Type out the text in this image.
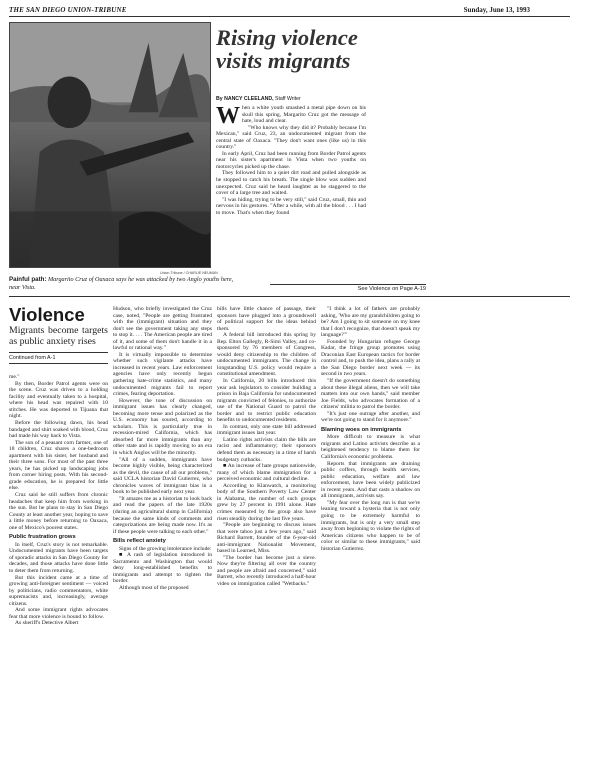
THE SAN DIEGO UNION-TRIBUNE	Sunday, June 13, 1993
Union-Tribune / CHARLIE NEUMAN
Painful path: Margarito Cruz of Oaxaca says he was attacked by two Anglo youths here, near Vista.
Rising violence visits migrants
By NANCY CLEELAND, Staff Writer

When a white youth smashed a metal pipe down on his skull this spring, Margarito Cruz got the message of hate, loud and clear.

"Who knows why they did it? Probably because I'm Mexican," said Cruz, 23, an undocumented migrant from the central state of Oaxaca. "They don't want ones (like us) in this country."

In early April, Cruz had been running from Border Patrol agents near his sister's apartment in Vista when two youths on motorcycles picked up the chase.

They followed him to a quiet dirt road and pulled alongside as he stopped to catch his breath. The single blow was sudden and unexpected. Cruz said he heard laughter as he staggered to the cover of a large tree and waited.

"I was hiding, trying to be very still," said Cruz, small, thin and nervous in his gestures. "After a while, with all the blood . . . I had to move. That's when they found

See Violence on Page A-19
Violence
Migrants become targets as public anxiety rises
Continued from A-1

me."

By then, Border Patrol agents were on the scene. Cruz was driven to a holding facility and eventually taken to a hospital, where his head was repaired with 10 stitches. He was deported to Tijuana that night.

Before the following dawn, his head bandaged and shirt soaked with blood, Cruz had made his way back to Vista.

The son of a peasant corn farmer, one of 18 children, Cruz shares a one-bedroom apartment with his sister, her husband and their three sons. For most of the past three years, he has picked up landscaping jobs from corner hiring posts. With his second-grade education, he is prepared for little else.

Cruz said he still suffers from chronic headaches that keep him from working in the sun. But he plans to stay in San Diego County at least another year, hoping to save a little money before returning to Oaxaca, one of Mexico's poorest states.

Public frustration grows

In itself, Cruz's story is not remarkable. Undocumented migrants have been targets of sporadic attacks in San Diego County for decades, and those attacks have done little to deter them from returning.

But this incident came at a time of growing anti-foreigner sentiment — voiced by politicians, radio commentators, white supremacists and, increasingly, average citizens.

And some immigrant rights advocates fear that more violence is bound to follow.

As sheriff's Detective Albert

Hudson, who briefly investigated the Cruz case, noted, "People are getting frustrated with the (immigrant) situation and they don't see the government taking any steps to stop it. . . . The American people are tired of it, and some of them don't handle it in a lawful or rational way."

It is virtually impossible to determine whether such vigilante attacks have increased in recent years. Law enforcement agencies have only recently begun gathering hate-crime statistics, and many undocumented migrants fail to report crimes, fearing deportation.

However, the tone of discussion on immigrant issues has clearly changed, becoming more tense and polarized as the U.S. economy has soured, according to scholars. This is particularly true in recession-mired California, which has absorbed far more immigrants than any other state and is rapidly moving to an era in which Anglos will be the minority.

"All of a sudden, immigrants have become highly visible, being characterized as the devil, the cause of all our problems," said UCLA historian David Gutierrez, who chronicles waves of immigrant bias in a book to be published early next year.

"It amazes me as a historian to look back and read the papers of the late 1920s (during an agricultural slump in California) because the same kinds of comments and categorizations are being made now. It's as if these people were talking to each other."

Bills reflect anxiety

Signs of the growing intolerance include:

■ A rash of legislation introduced in Sacramento and Washington that would deny long-established benefits to immigrants and attempt to tighten the border.

Although most of the proposed

bills have little chance of passage, their sponsors have plugged into a groundswell of political support for the ideas behind them.

A federal bill introduced this spring by Rep. Elton Gallegly, R-Simi Valley, and co-sponsored by 76 members of Congress, would deny citizenship to the children of undocumented immigrants. The change in longstanding U.S. policy would require a constitutional amendment.

In California, 20 bills introduced this year ask legislators to consider building a prison in Baja California for undocumented migrants convicted of felonies, to authorize use of the National Guard to patrol the border and to restrict public education benefits to undocumented residents.

In contrast, only one state bill addressed immigrant issues last year.

Latino rights activists claim the bills are racist and inflammatory; their sponsors defend them as necessary in a time of harsh budgetary cutbacks.

■ An increase of hate groups nationwide, many of which blame immigration for a perceived economic and cultural decline.

According to Klanwatch, a monitoring body of the Southern Poverty Law Center in Alabama, the number of such groups grew by 27 percent in 1991 alone. Hate crimes measured by the group also have risen steadily during the last five years.

"People are beginning to discuss issues that were taboo just a few years ago," said Richard Barrett, founder of the 6-year-old anti-immigrant Nationalist Movement, based in Learned, Miss.

"The border has become just a sieve. Now they're filtering all over the country and people are afraid and concerned," said Barrett, who recently introduced a half-hour video on immigration called "Wetbacks."

"I think a lot of fathers are probably asking, 'Who are my grandchildren going to be? Am I going to sit someone on my knee that I don't recognize, that doesn't speak my language?'"

Founded by Hungarian refugee George Kadar, the fringe group promotes using Draconian East European tactics for border control and, to push the idea, plans a rally at the San Diego border next week — its second in two years.

"If the government doesn't do something about these illegal aliens, then we will take matters into our own hands," said member Joe Fields, who advocates formation of a citizens' militia to patrol the border.

"It's just one outrage after another, and we're not going to stand for it anymore."

Blaming woes on immigrants

More difficult to measure is what migrants and Latino activists describe as a heightened tendency to blame them for California's economic problems.

Reports that immigrants are draining public coffers, through health services, public education, welfare and law enforcement, have been widely publicized in recent years. And that casts a shadow on all immigrants, activists say.

"My fear over the long run is that we're leaning toward a hysteria that is not only going to be extremely harmful to immigrants, but is only a very small step away from beginning to violate the rights of American citizens who happen to be of color or similar to these immigrants," said historian Gutierrez.
